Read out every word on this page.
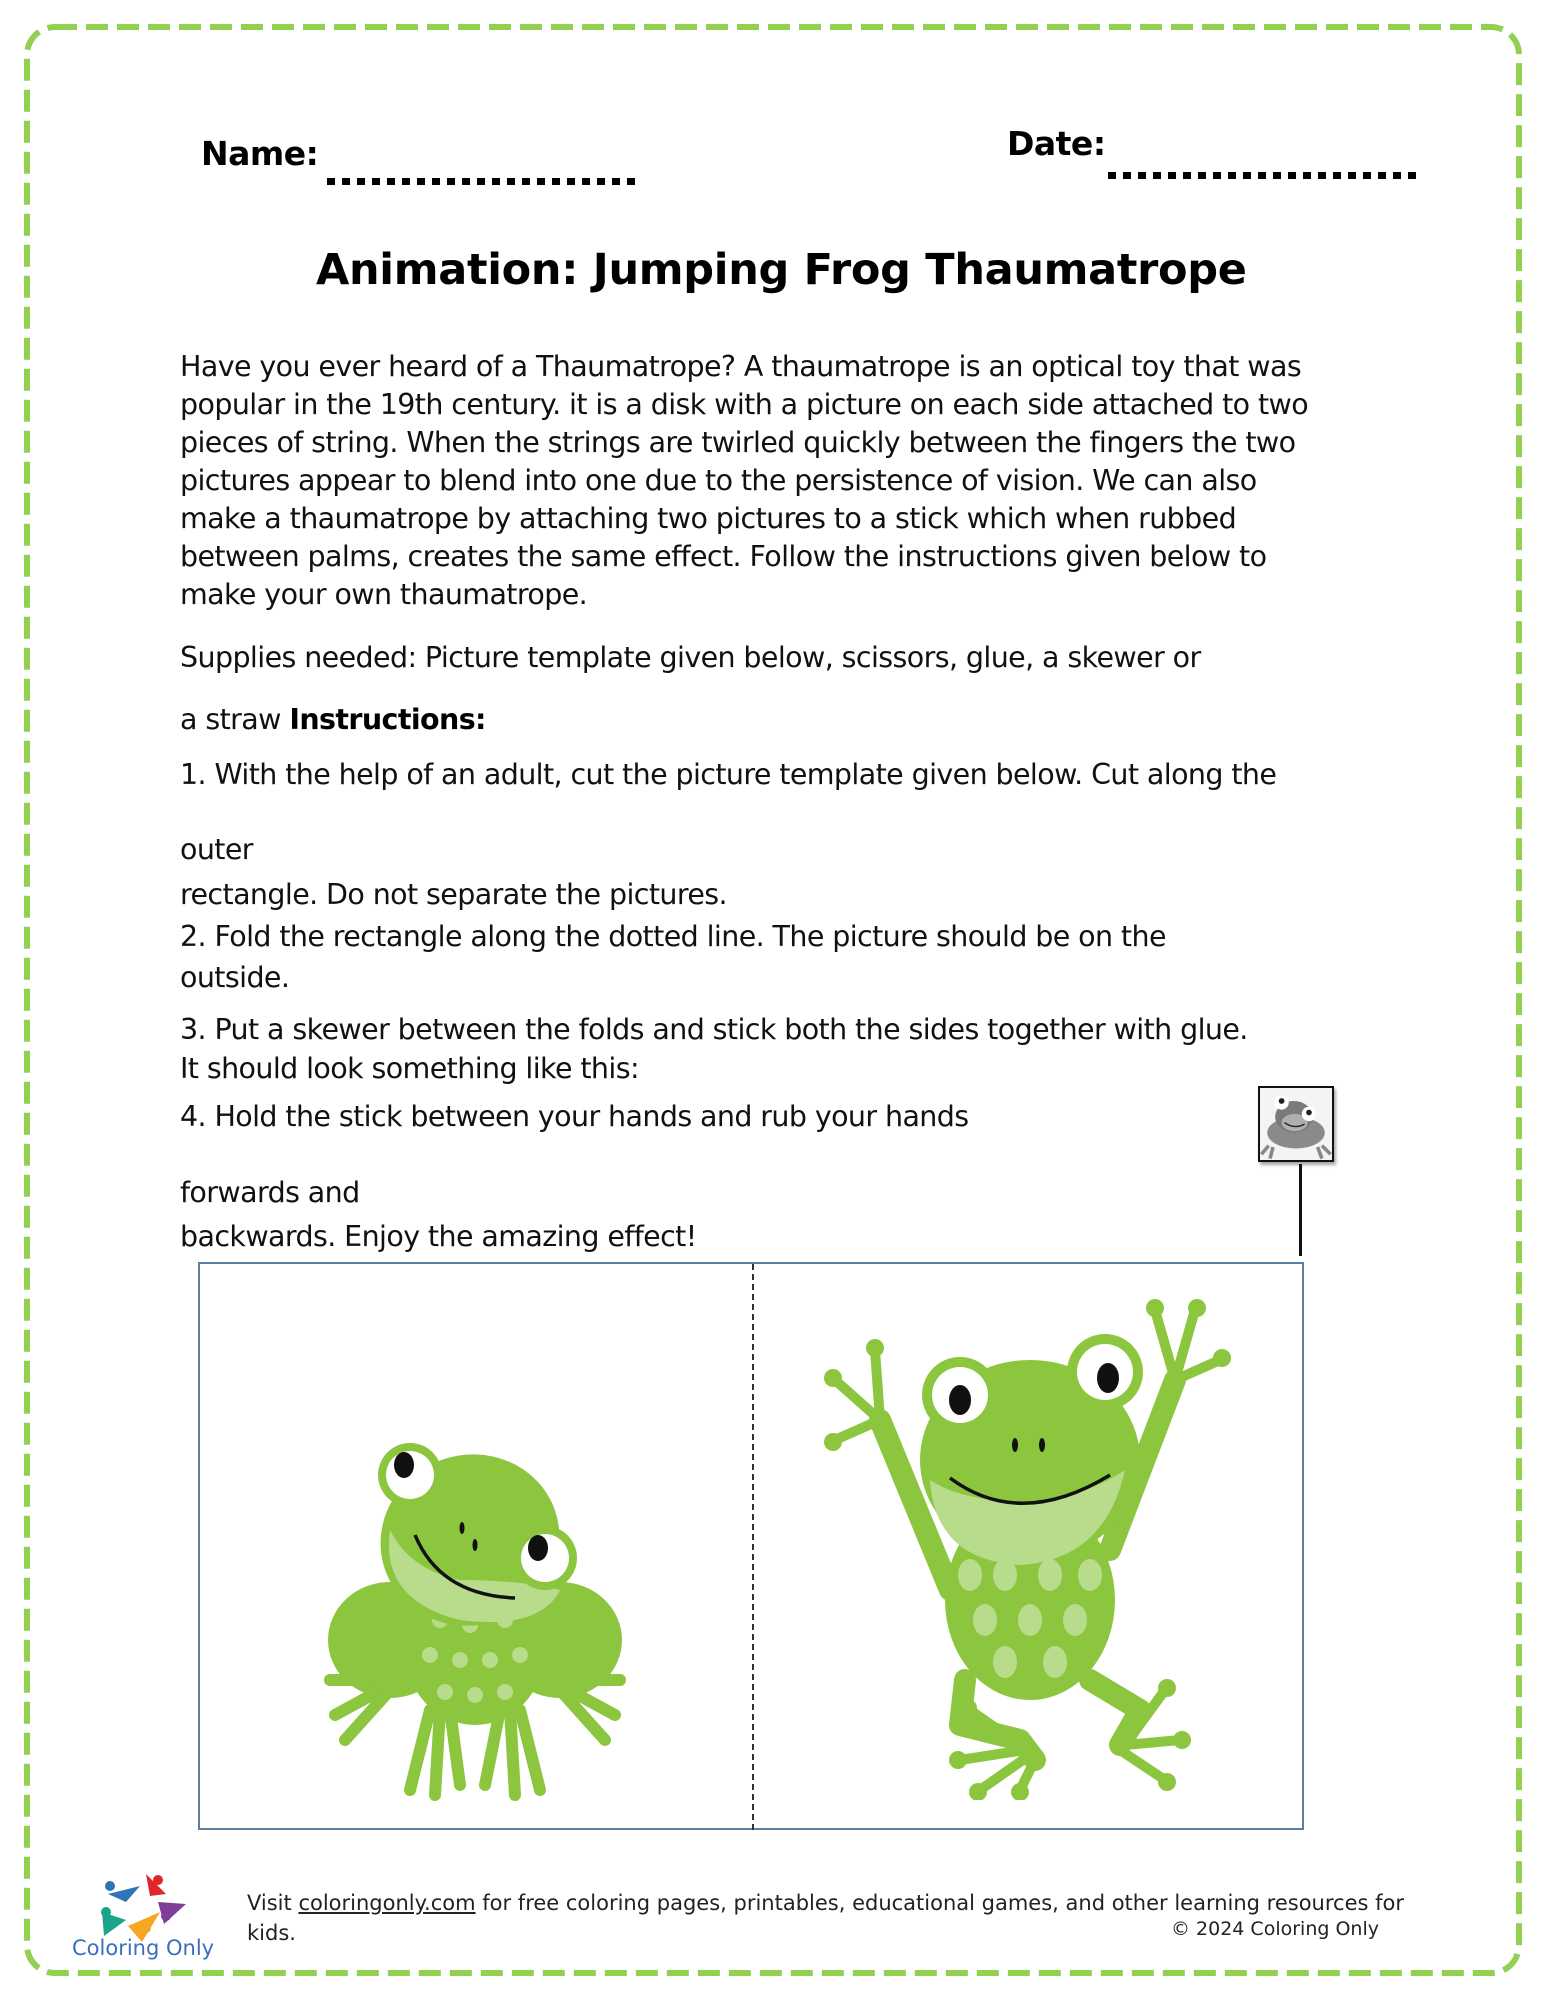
Name:	Date:
Animation: Jumping Frog Thaumatrope
Have you ever heard of a Thaumatrope? A thaumatrope is an optical toy that was
popular in the 19th century. it is a disk with a picture on each side attached to two
pieces of string. When the strings are twirled quickly between the fingers the two
pictures appear to blend into one due to the persistence of vision. We can also
make a thaumatrope by attaching two pictures to a stick which when rubbed
between palms, creates the same effect. Follow the instructions given below to
make your own thaumatrope.
Supplies needed: Picture template given below, scissors, glue, a skewer or
a straw Instructions:
1. With the help of an adult, cut the picture template given below. Cut along the
outer
rectangle. Do not separate the pictures.
2. Fold the rectangle along the dotted line. The picture should be on the
outside.
3. Put a skewer between the folds and stick both the sides together with glue.
It should look something like this:
4. Hold the stick between your hands and rub your hands
forwards and
backwards. Enjoy the amazing effect!
Coloring Only
Visit coloringonly.com for free coloring pages, printables, educational games, and other learning resources for
kids.	© 2024 Coloring Only
